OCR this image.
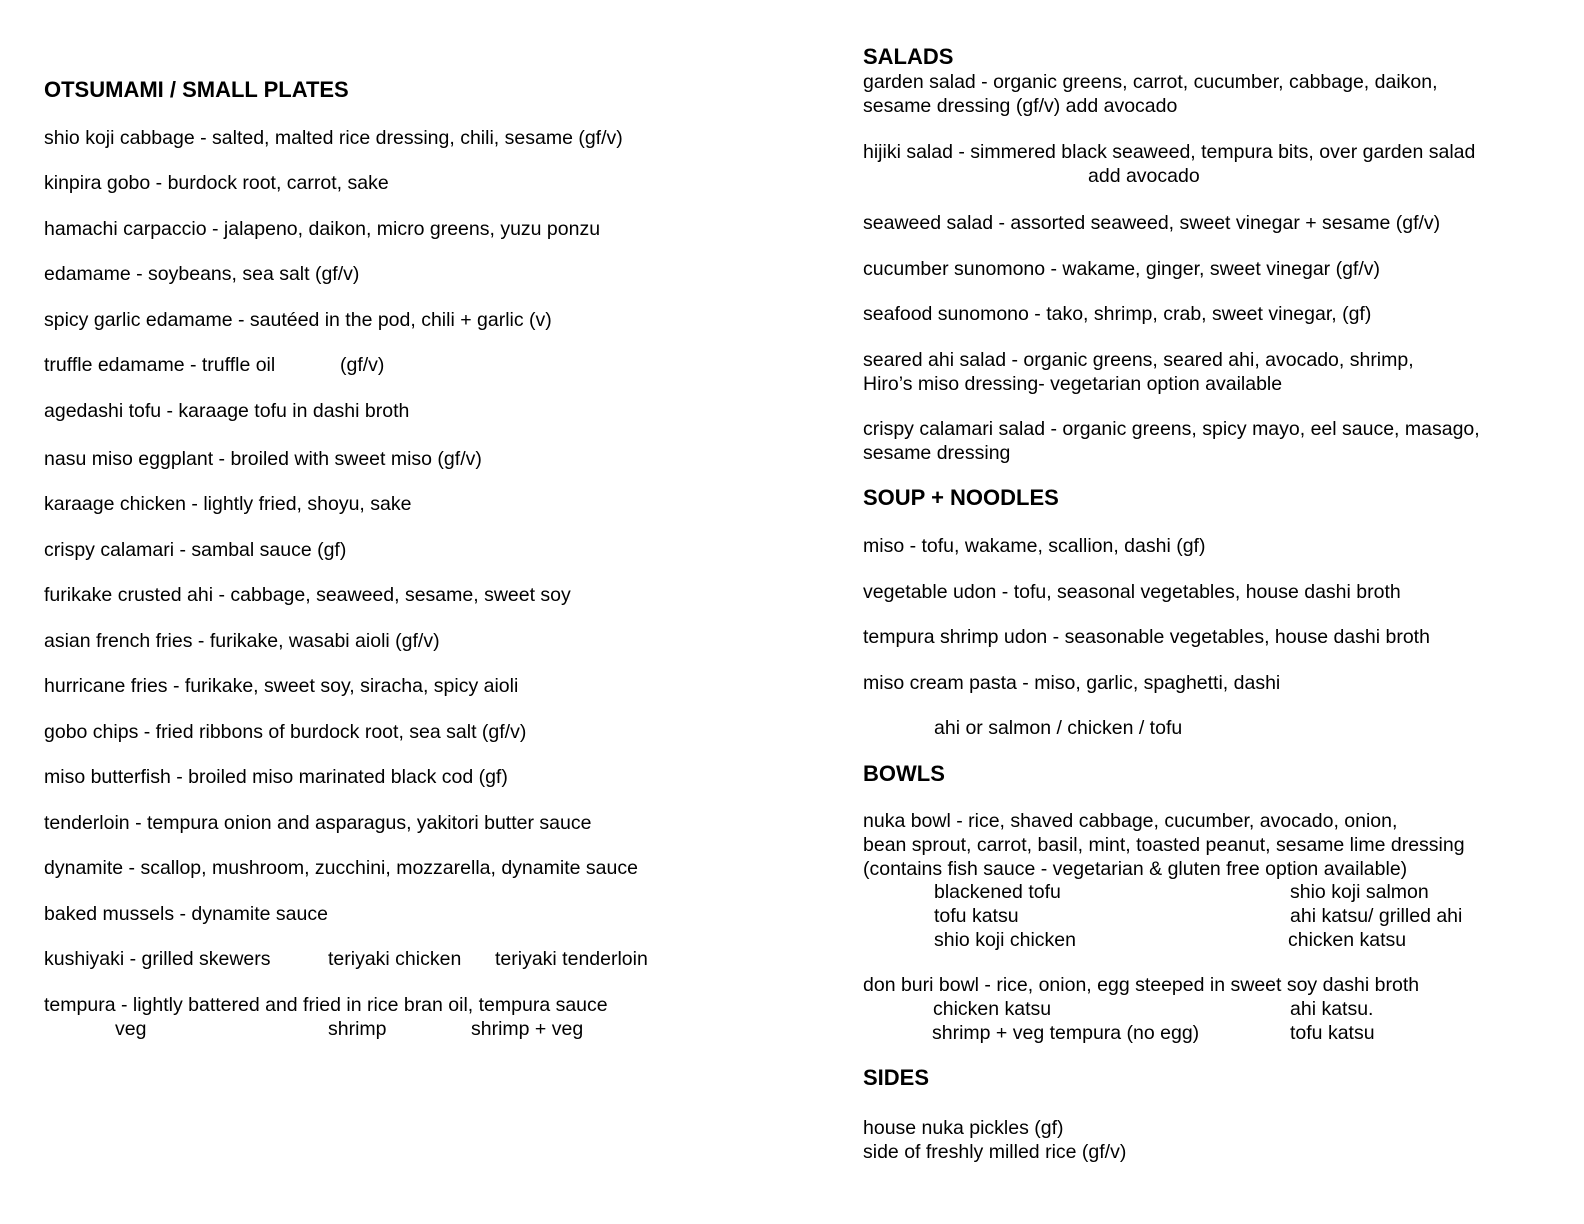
OTSUMAMI / SMALL PLATES
shio koji cabbage - salted, malted rice dressing, chili, sesame (gf/v)
kinpira gobo - burdock root, carrot, sake
hamachi carpaccio - jalapeno, daikon, micro greens, yuzu ponzu
edamame - soybeans, sea salt (gf/v)
spicy garlic edamame - sautéed in the pod, chili + garlic (v)
truffle edamame - truffle oil	(gf/v)
agedashi tofu - karaage tofu in dashi broth
nasu miso eggplant - broiled with sweet miso (gf/v)
karaage chicken - lightly fried, shoyu, sake
crispy calamari - sambal sauce (gf)
furikake crusted ahi - cabbage, seaweed, sesame, sweet soy
asian french fries - furikake, wasabi aioli (gf/v)
hurricane fries - furikake, sweet soy, siracha, spicy aioli
gobo chips - fried ribbons of burdock root, sea salt (gf/v)
miso butterfish - broiled miso marinated black cod (gf)
tenderloin - tempura onion and asparagus, yakitori butter sauce
dynamite - scallop, mushroom, zucchini, mozzarella, dynamite sauce
baked mussels - dynamite sauce
kushiyaki - grilled skewers	teriyaki chicken teriyaki tenderloin
tempura - lightly battered and fried in rice bran oil, tempura sauce
veg	shrimp	shrimp + veg
SALADS
garden salad - organic greens, carrot, cucumber, cabbage, daikon,
sesame dressing (gf/v) add avocado
hijiki salad - simmered black seaweed, tempura bits, over garden salad
add avocado
seaweed salad - assorted seaweed, sweet vinegar + sesame (gf/v)
cucumber sunomono - wakame, ginger, sweet vinegar (gf/v)
seafood sunomono - tako, shrimp, crab, sweet vinegar, (gf)
seared ahi salad - organic greens, seared ahi, avocado, shrimp,
Hiro’s miso dressing- vegetarian option available
crispy calamari salad - organic greens, spicy mayo, eel sauce, masago,
sesame dressing
SOUP + NOODLES
miso - tofu, wakame, scallion, dashi (gf)
vegetable udon - tofu, seasonal vegetables, house dashi broth
tempura shrimp udon - seasonable vegetables, house dashi broth
miso cream pasta - miso, garlic, spaghetti, dashi
ahi or salmon / chicken / tofu
BOWLS
nuka bowl - rice, shaved cabbage, cucumber, avocado, onion,
bean sprout, carrot, basil, mint, toasted peanut, sesame lime dressing
(contains fish sauce - vegetarian & gluten free option available)
blackened tofu	shio koji salmon
tofu katsu	ahi katsu/ grilled ahi
shio koji chicken	chicken katsu
don buri bowl - rice, onion, egg steeped in sweet soy dashi broth
chicken katsu	ahi katsu.
shrimp + veg tempura (no egg)	tofu katsu
SIDES
house nuka pickles (gf)
side of freshly milled rice (gf/v)
